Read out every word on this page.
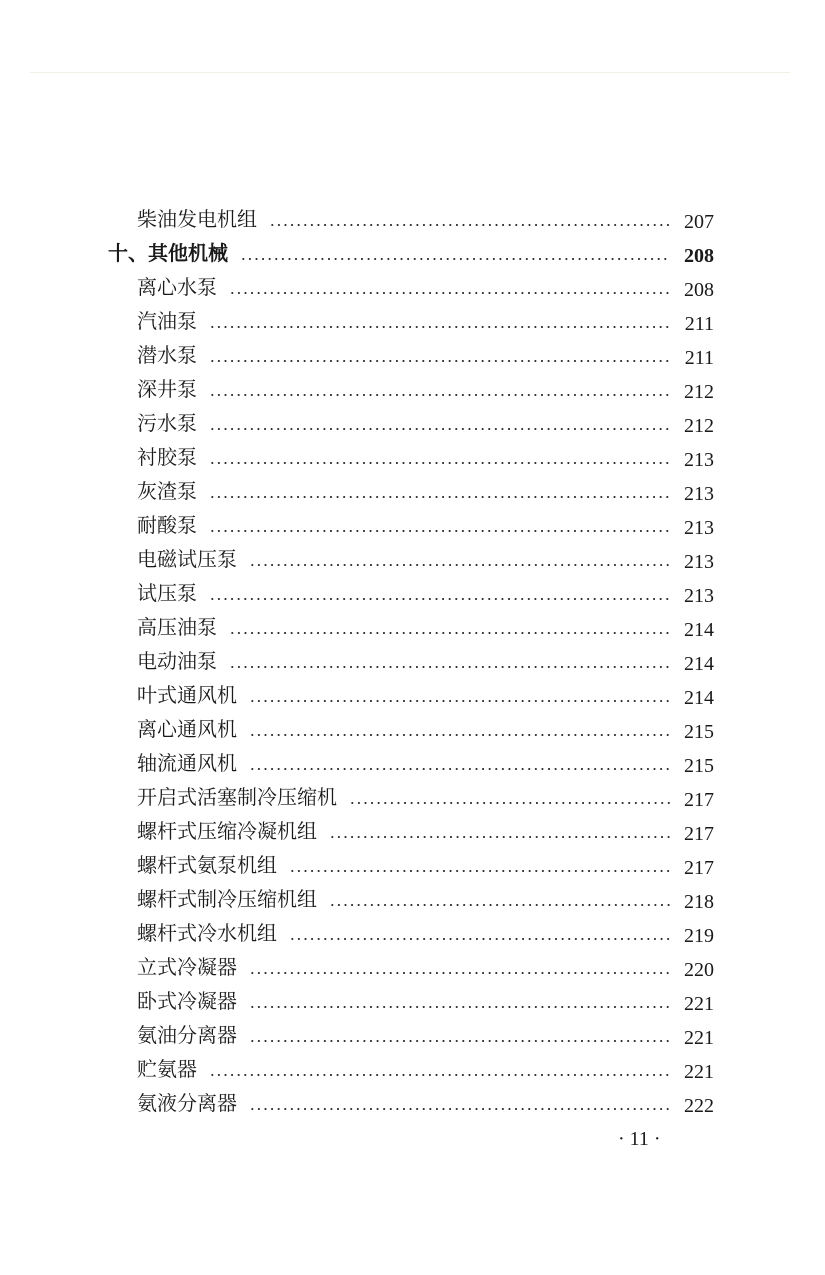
柴油发电机组	207
十、其他机械	208
离心水泵	208
汽油泵	211
潜水泵	211
深井泵	212
污水泵	212
衬胶泵	213
灰渣泵	213
耐酸泵	213
电磁试压泵	213
试压泵	213
高压油泵	214
电动油泵	214
叶式通风机	214
离心通风机	215
轴流通风机	215
开启式活塞制冷压缩机	217
螺杆式压缩冷凝机组	217
螺杆式氨泵机组	217
螺杆式制冷压缩机组	218
螺杆式冷水机组	219
立式冷凝器	220
卧式冷凝器	221
氨油分离器	221
贮氨器	221
氨液分离器	222
· 11 ·
